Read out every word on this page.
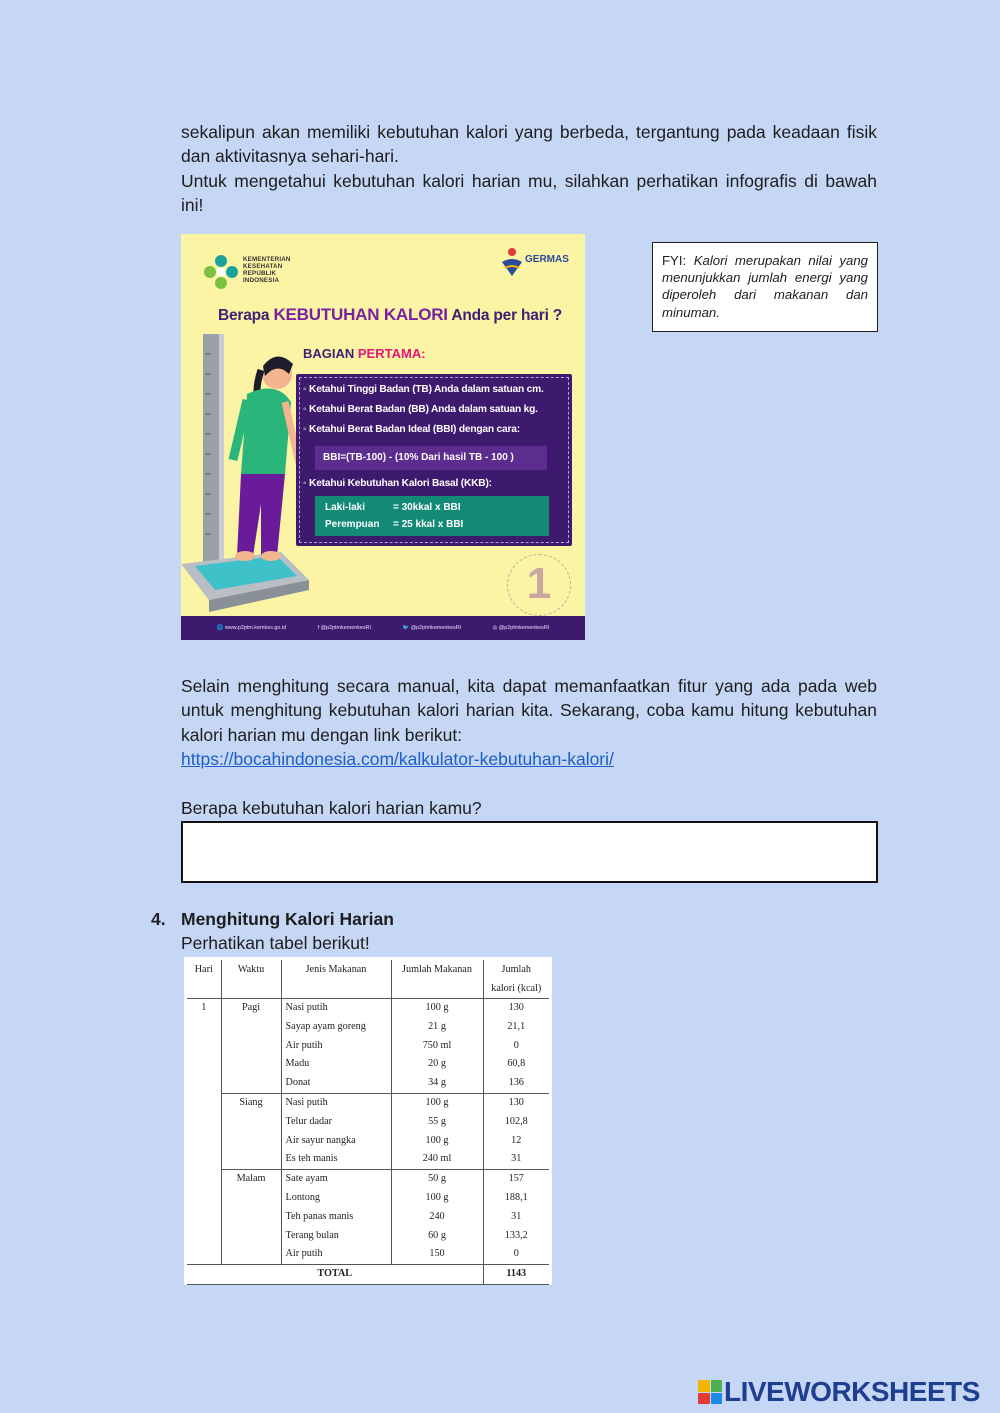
sekalipun akan memiliki kebutuhan kalori yang berbeda, tergantung pada keadaan fisik dan aktivitasnya sehari-hari.

Untuk mengetahui kebutuhan kalori harian mu, silahkan perhatikan infografis di bawah ini!

KEMENTERIAN
KESEHATAN
REPUBLIK
INDONESIA
GERMAS
Berapa KEBUTUHAN KALORI Anda per hari ?
BAGIAN PERTAMA:
◦ Ketahui Tinggi Badan (TB) Anda dalam satuan cm.
◦ Ketahui Berat Badan (BB) Anda dalam satuan kg.
◦ Ketahui Berat Badan Ideal (BBI) dengan cara:
BBI=(TB-100) - (10% Dari hasil TB - 100 )
◦ Ketahui Kebutuhan Kalori Basal (KKB):
Laki-laki	= 30kkal x BBI
Perempuan	= 25 kkal x BBI
1
🌐 www.p2ptm.kemkes.go.id	f @p2ptmkemenkesRI	🐦 @p2ptmkemenkesRI	◎ @p2ptmkemenkesRI
FYI: Kalori merupakan nilai yang menunjukkan jumlah energi yang diperoleh dari makanan dan minuman.

Selain menghitung secara manual, kita dapat memanfaatkan fitur yang ada pada web untuk menghitung kebutuhan kalori harian kita. Sekarang, coba kamu hitung kebutuhan kalori harian mu dengan link berikut:

https://bocahindonesia.com/kalkulator-kebutuhan-kalori/

Berapa kebutuhan kalori harian kamu?
4. Menghitung Kalori Harian
Perhatikan tabel berikut!
Hari	Waktu	Jenis Makanan	Jumlah Makanan	Jumlah
				kalori (kcal)
1	Pagi	Nasi putih	100 g	130
		Sayap ayam goreng	21 g	21,1
		Air putih	750 ml	0
		Madu	20 g	60,8
		Donat	34 g	136
	Siang	Nasi putih	100 g	130
		Telur dadar	55 g	102,8
		Air sayur nangka	100 g	12
		Es teh manis	240 ml	31
	Malam	Sate ayam	50 g	157
		Lontong	100 g	188,1
		Teh panas manis	240	31
		Terang bulan	60 g	133,2
		Air putih	150	0
TOTAL				1143
LIVEWORKSHEETS
